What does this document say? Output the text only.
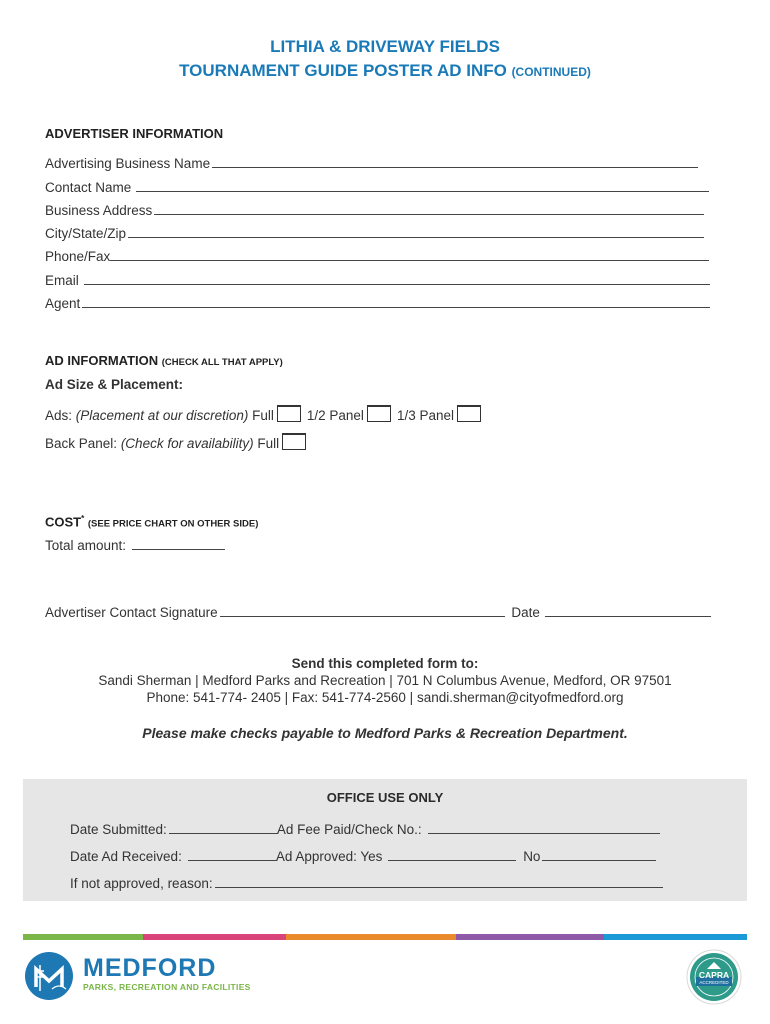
LITHIA & DRIVEWAY FIELDS
TOURNAMENT GUIDE POSTER AD INFO (CONTINUED)
ADVERTISER INFORMATION
Advertising Business Name
Contact Name
Business Address
City/State/Zip
Phone/Fax
Email
Agent
AD INFORMATION (CHECK ALL THAT APPLY)
Ad Size & Placement:
Ads: (Placement at our discretion) Full 1/2 Panel 1/3 Panel
Back Panel: (Check for availability) Full
COST* (SEE PRICE CHART ON OTHER SIDE)
Total amount:
Advertiser Contact Signature	Date
Send this completed form to:
Sandi Sherman | Medford Parks and Recreation | 701 N Columbus Avenue, Medford, OR 97501
Phone: 541-774- 2405 | Fax: 541-774-2560 | sandi.sherman@cityofmedford.org
Please make checks payable to Medford Parks & Recreation Department.
OFFICE USE ONLY
Date Submitted:	Ad Fee Paid/Check No.:
Date Ad Received:	Ad Approved: Yes	No
If not approved, reason:
MEDFORD
PARKS, RECREATION AND FACILITIES
CAPRA
ACCREDITED
